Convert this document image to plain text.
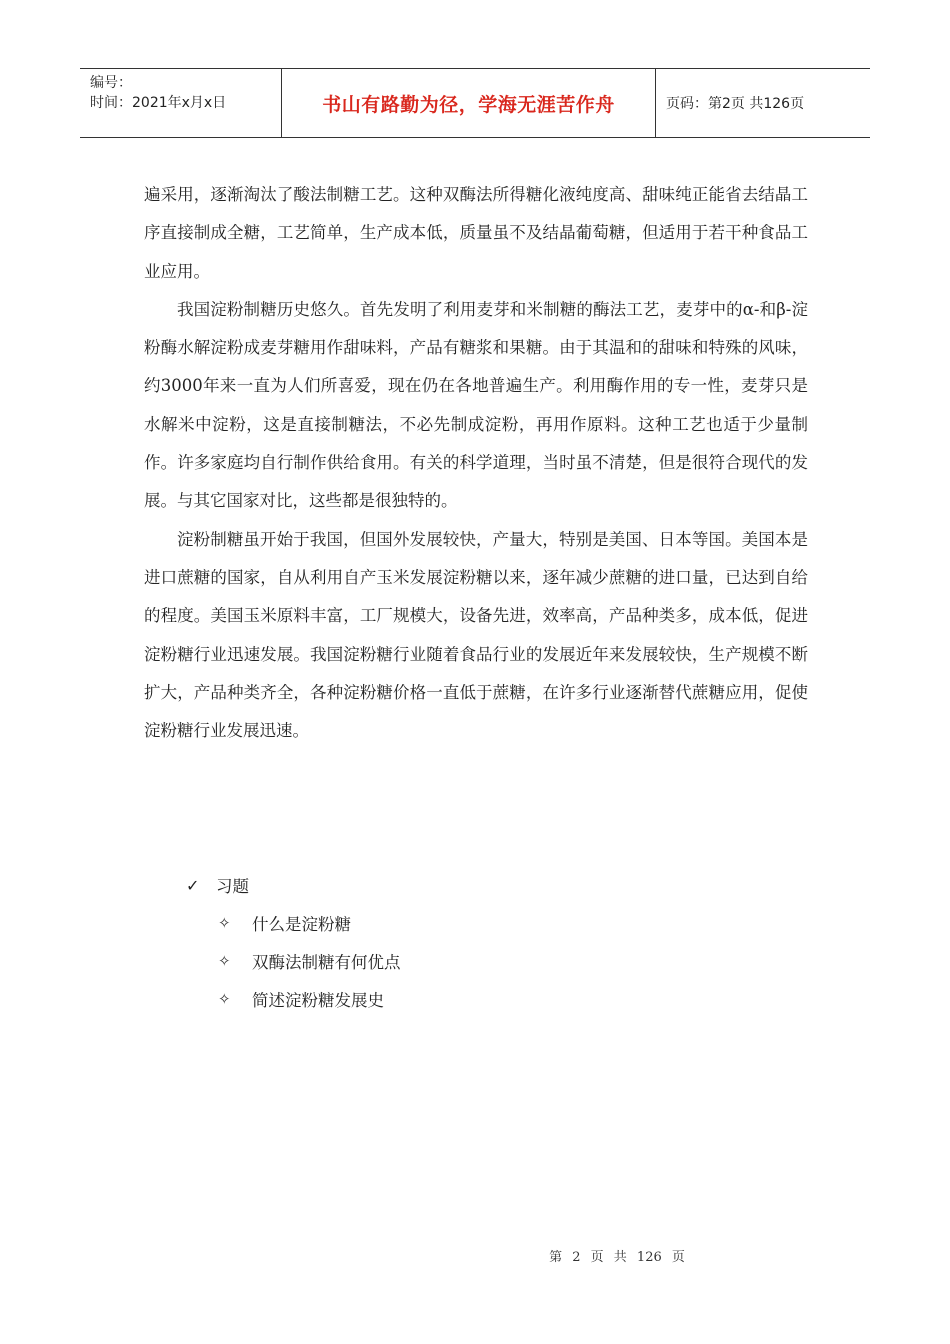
编号：
时间：2021年x月x日	书山有路勤为径，学海无涯苦作舟	页码：第2页 共126页

遍采用，逐渐淘汰了酸法制糖工艺。这种双酶法所得糖化液纯度高、甜味纯正能省去结晶工序直接制成全糖，工艺简单，生产成本低，质量虽不及结晶葡萄糖，但适用于若干种食品工业应用。

我国淀粉制糖历史悠久。首先发明了利用麦芽和米制糖的酶法工艺，麦芽中的α-和β-淀粉酶水解淀粉成麦芽糖用作甜味料，产品有糖浆和果糖。由于其温和的甜味和特殊的风味，约3000年来一直为人们所喜爱，现在仍在各地普遍生产。利用酶作用的专一性，麦芽只是水解米中淀粉，这是直接制糖法，不必先制成淀粉，再用作原料。这种工艺也适于少量制作。许多家庭均自行制作供给食用。有关的科学道理，当时虽不清楚，但是很符合现代的发展。与其它国家对比，这些都是很独特的。

淀粉制糖虽开始于我国，但国外发展较快，产量大，特别是美国、日本等国。美国本是进口蔗糖的国家，自从利用自产玉米发展淀粉糖以来，逐年减少蔗糖的进口量，已达到自给的程度。美国玉米原料丰富，工厂规模大，设备先进，效率高，产品种类多，成本低，促进淀粉糖行业迅速发展。我国淀粉糖行业随着食品行业的发展近年来发展较快，生产规模不断扩大，产品种类齐全，各种淀粉糖价格一直低于蔗糖，在许多行业逐渐替代蔗糖应用，促使淀粉糖行业发展迅速。

✓	习题
✧	什么是淀粉糖
✧	双酶法制糖有何优点
✧	简述淀粉糖发展史
第 2 页 共 126 页
